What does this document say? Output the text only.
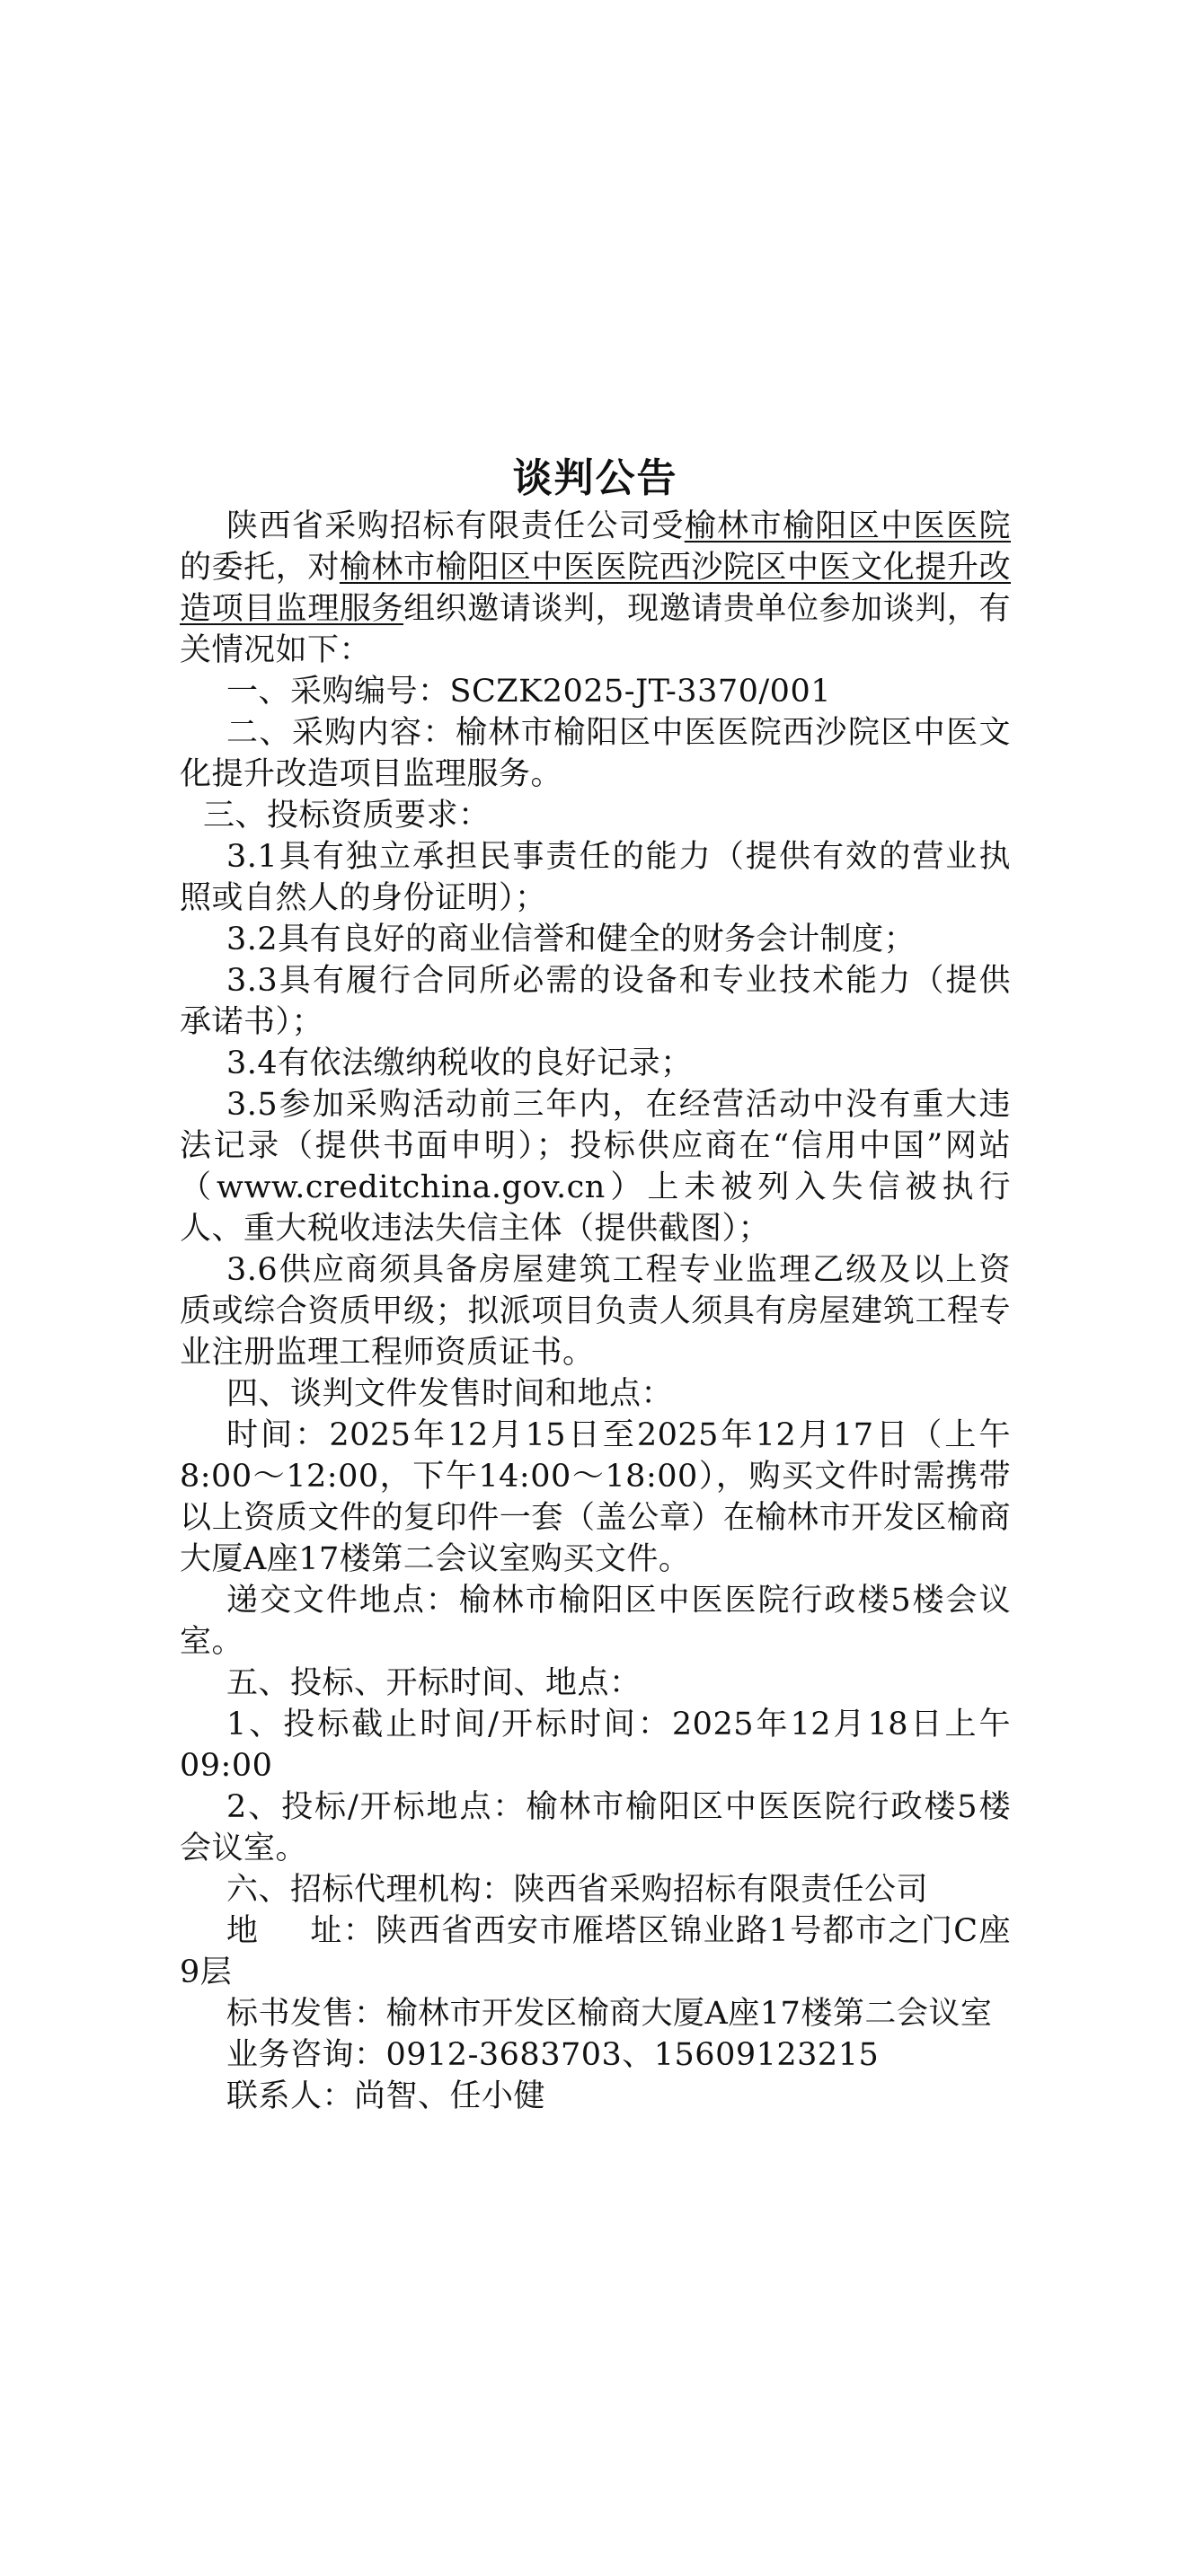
谈判公告

陕西省采购招标有限责任公司受榆林市榆阳区中医医院的委托，对榆林市榆阳区中医医院西沙院区中医文化提升改造项目监理服务组织邀请谈判，现邀请贵单位参加谈判，有关情况如下：

一、采购编号：SCZK2025-JT-3370/001

二、采购内容：榆林市榆阳区中医医院西沙院区中医文化提升改造项目监理服务。

三、投标资质要求：

3.1具有独立承担民事责任的能力（提供有效的营业执照或自然人的身份证明）；

3.2具有良好的商业信誉和健全的财务会计制度；

3.3具有履行合同所必需的设备和专业技术能力（提供承诺书）；

3.4有依法缴纳税收的良好记录；

3.5参加采购活动前三年内，在经营活动中没有重大违法记录（提供书面申明）；投标供应商在“信用中国”网站（www.creditchina.gov.cn）上未被列入失信被执行人、重大税收违法失信主体（提供截图）；

3.6供应商须具备房屋建筑工程专业监理乙级及以上资质或综合资质甲级；拟派项目负责人须具有房屋建筑工程专业注册监理工程师资质证书。

四、谈判文件发售时间和地点：

时间：2025年12月15日至2025年12月17日（上午8:00～12:00，下午14:00～18:00），购买文件时需携带以上资质文件的复印件一套（盖公章）在榆林市开发区榆商大厦A座17楼第二会议室购买文件。

递交文件地点：榆林市榆阳区中医医院行政楼5楼会议室。

五、投标、开标时间、地点：

1、投标截止时间/开标时间：2025年12月18日上午09:00

2、投标/开标地点：榆林市榆阳区中医医院行政楼5楼会议室。

六、招标代理机构：陕西省采购招标有限责任公司

地 址：陕西省西安市雁塔区锦业路1号都市之门C座9层

标书发售：榆林市开发区榆商大厦A座17楼第二会议室

业务咨询：0912-3683703、15609123215

联系人：尚智、任小健
